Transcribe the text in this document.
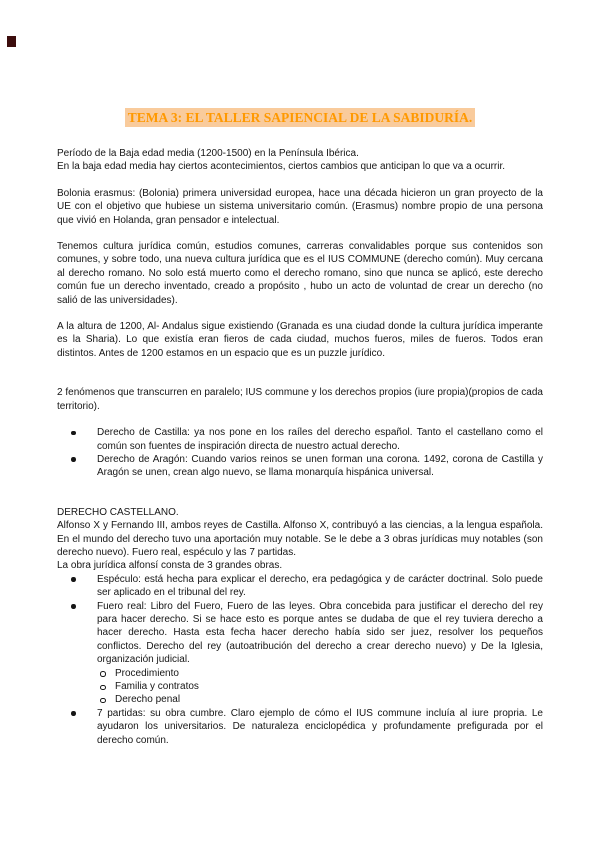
TEMA 3: EL TALLER SAPIENCIAL DE LA SABIDURÍA.
Período de la Baja edad media (1200-1500) en la Península Ibérica.
En la baja edad media hay ciertos acontecimientos, ciertos cambios que anticipan lo que va a ocurrir.

Bolonia erasmus: (Bolonia) primera universidad europea, hace una década hicieron un gran proyecto de la UE con el objetivo que hubiese un sistema universitario común. (Erasmus) nombre propio de una persona que vivió en Holanda, gran pensador e intelectual.

Tenemos cultura jurídica común, estudios comunes, carreras convalidables porque sus contenidos son comunes, y sobre todo, una nueva cultura jurídica que es el IUS COMMUNE (derecho común). Muy cercana al derecho romano. No solo está muerto como el derecho romano, sino que nunca se aplicó, este derecho común fue un derecho inventado, creado a propósito , hubo un acto de voluntad de crear un derecho (no salió de las universidades).

A la altura de 1200, Al- Andalus sigue existiendo (Granada es una ciudad donde la cultura jurídica imperante es la Sharia). Lo que existía eran fieros de cada ciudad, muchos fueros, miles de fueros. Todos eran distintos. Antes de 1200 estamos en un espacio que es un puzzle jurídico.

2 fenómenos que transcurren en paralelo; IUS commune y los derechos propios (iure propia)(propios de cada territorio).

Derecho de Castilla: ya nos pone en los raíles del derecho español. Tanto el castellano como el común son fuentes de inspiración directa de nuestro actual derecho.
Derecho de Aragón: Cuando varios reinos se unen forman una corona. 1492, corona de Castilla y Aragón se unen, crean algo nuevo, se llama monarquía hispánica universal.

DERECHO CASTELLANO.

Alfonso X y Fernando III, ambos reyes de Castilla. Alfonso X, contribuyó a las ciencias, a la lengua española. En el mundo del derecho tuvo una aportación muy notable. Se le debe a 3 obras jurídicas muy notables (son derecho nuevo). Fuero real, espéculo y las 7 partidas.

La obra jurídica alfonsí consta de 3 grandes obras.

Espéculo: está hecha para explicar el derecho, era pedagógica y de carácter doctrinal. Solo puede ser aplicado en el tribunal del rey.
Fuero real: Libro del Fuero, Fuero de las leyes. Obra concebida para justificar el derecho del rey para hacer derecho. Si se hace esto es porque antes se dudaba de que el rey tuviera derecho a hacer derecho. Hasta esta fecha hacer derecho había sido ser juez, resolver los pequeños conflictos. Derecho del rey (autoatribución del derecho a crear derecho nuevo) y De la Iglesia, organización judicial.
Procedimiento
Familia y contratos
Derecho penal
7 partidas: su obra cumbre. Claro ejemplo de cómo el IUS commune incluía al iure propria. Le ayudaron los universitarios. De naturaleza enciclopédica y profundamente prefigurada por el derecho común.
